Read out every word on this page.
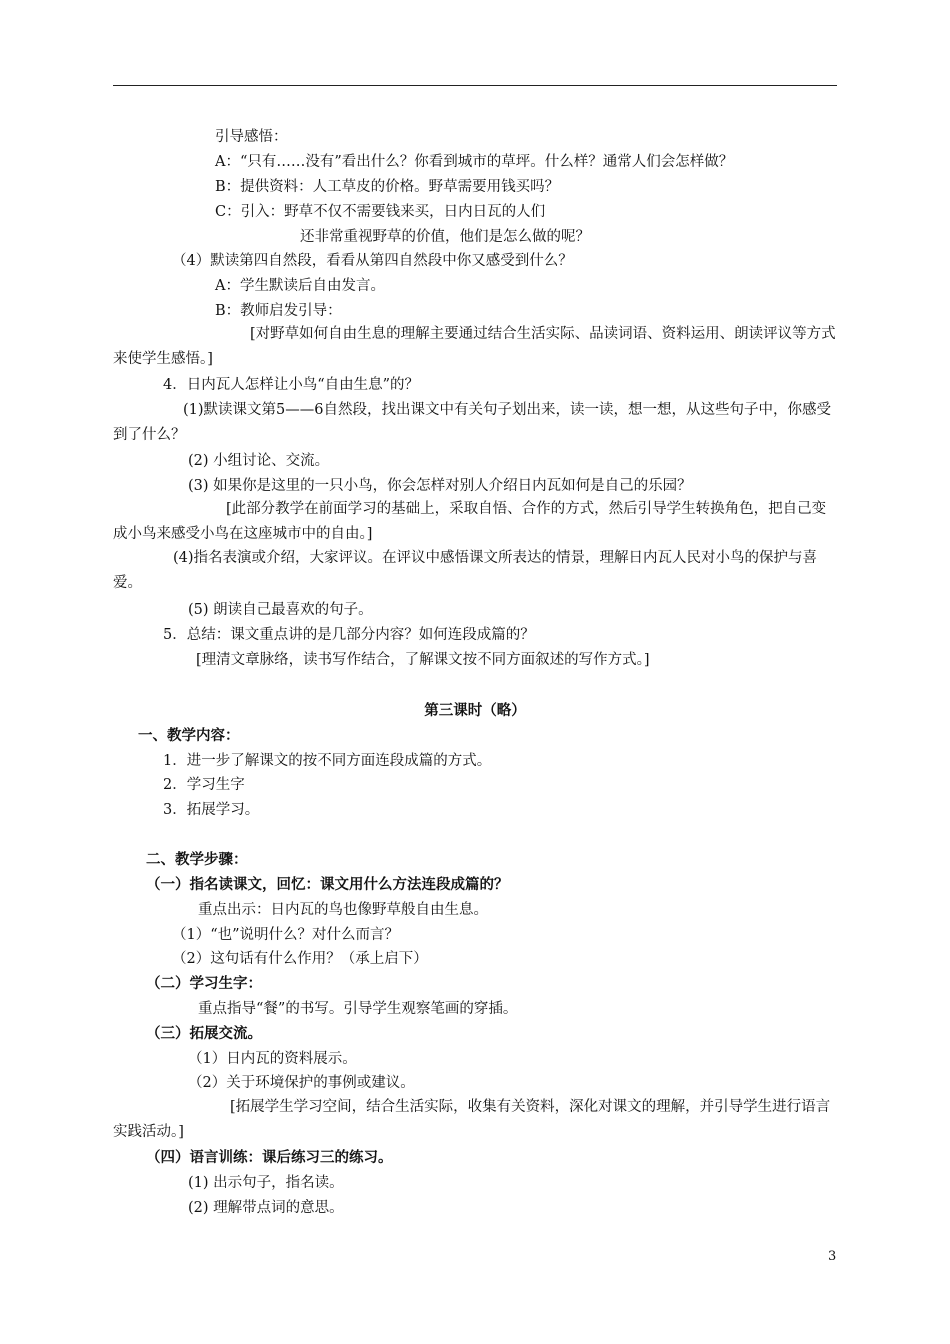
引导感悟：
A：“只有……没有”看出什么？你看到城市的草坪。什么样？通常人们会怎样做？
B：提供资料：人工草皮的价格。野草需要用钱买吗？
C：引入：野草不仅不需要钱来买，日内日瓦的人们
还非常重视野草的价值，他们是怎么做的呢？
（4）默读第四自然段，看看从第四自然段中你又感受到什么？
A：学生默读后自由发言。
B：教师启发引导：
[对野草如何自由生息的理解主要通过结合生活实际、品读词语、资料运用、朗读评议等方式来使学生感悟。]
4．日内瓦人怎样让小鸟“自由生息”的？
(1)默读课文第5——6自然段，找出课文中有关句子划出来，读一读，想一想，从这些句子中，你感受到了什么？
(2) 小组讨论、交流。
(3) 如果你是这里的一只小鸟，你会怎样对别人介绍日内瓦如何是自己的乐园？
[此部分教学在前面学习的基础上，采取自悟、合作的方式，然后引导学生转换角色，把自己变成小鸟来感受小鸟在这座城市中的自由。]
(4)指名表演或介绍，大家评议。在评议中感悟课文所表达的情景，理解日内瓦人民对小鸟的保护与喜爱。
(5) 朗读自己最喜欢的句子。
5．总结：课文重点讲的是几部分内容？如何连段成篇的？
[理清文章脉络，读书写作结合，了解课文按不同方面叙述的写作方式。]
第三课时（略）
一、教学内容：
1．进一步了解课文的按不同方面连段成篇的方式。
2．学习生字
3．拓展学习。
二、教学步骤：
（一）指名读课文，回忆：课文用什么方法连段成篇的？
重点出示：日内瓦的鸟也像野草般自由生息。
（1）“也”说明什么？对什么而言？
（2）这句话有什么作用？（承上启下）
（二）学习生字：
重点指导“餐”的书写。引导学生观察笔画的穿插。
（三）拓展交流。
（1）日内瓦的资料展示。
（2）关于环境保护的事例或建议。
[拓展学生学习空间，结合生活实际，收集有关资料，深化对课文的理解，并引导学生进行语言实践活动。]
（四）语言训练：课后练习三的练习。
(1) 出示句子，指名读。
(2) 理解带点词的意思。
3
